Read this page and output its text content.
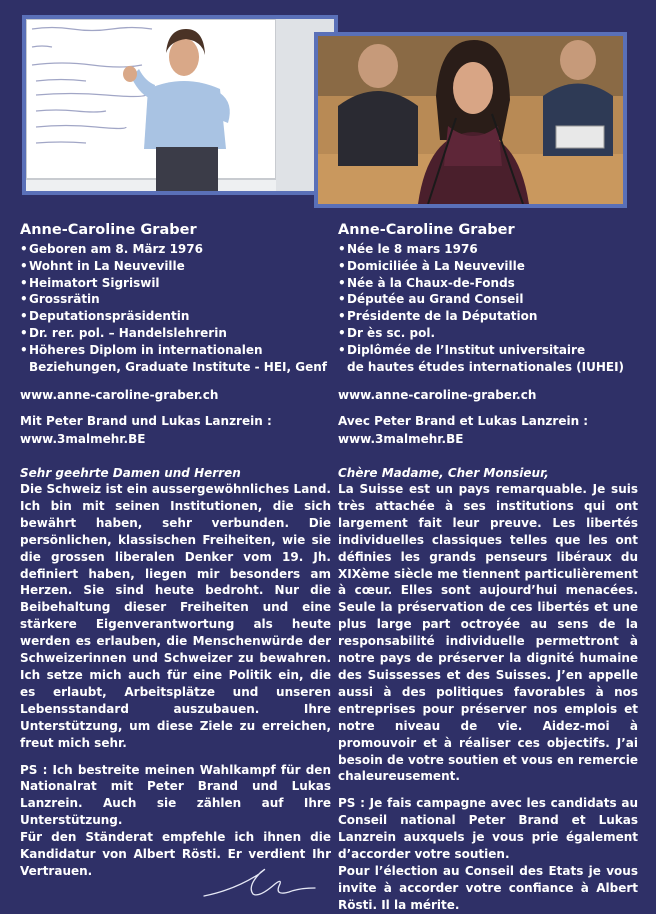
Anne-Caroline Graber
•Geboren am 8. März 1976
•Wohnt in La Neuveville
•Heimatort Sigriswil
•Grossrätin
•Deputationspräsidentin
•Dr. rer. pol. – Handelslehrerin
•Höheres Diplom in internationalen
Beziehungen, Graduate Institute - HEI, Genf
www.anne-caroline-graber.ch
Mit Peter Brand und Lukas Lanzrein :
www.3malmehr.BE
Anne-Caroline Graber
•Née le 8 mars 1976
•Domiciliée à La Neuveville
•Née à la Chaux-de-Fonds
•Députée au Grand Conseil
•Présidente de la Députation
•Dr ès sc. pol.
•Diplômée de l’Institut universitaire
de hautes études internationales (IUHEI)
www.anne-caroline-graber.ch
Avec Peter Brand et Lukas Lanzrein :
www.3malmehr.BE
Sehr geehrte Damen und Herren

Die Schweiz ist ein aussergewöhnliches Land. Ich bin mit seinen Institutionen, die sich bewährt haben, sehr verbunden. Die persönlichen, klassischen Freiheiten, wie sie die grossen liberalen Denker vom 19. Jh. definiert haben, liegen mir besonders am Herzen. Sie sind heute bedroht. Nur die Beibehaltung dieser Freiheiten und eine stärkere Eigenverantwortung als heute werden es erlauben, die Menschenwürde der Schweizerinnen und Schweizer zu bewahren. Ich setze mich auch für eine Politik ein, die es erlaubt, Arbeitsplätze und unseren Lebensstandard auszubauen. Ihre Unterstützung, um diese Ziele zu erreichen, freut mich sehr.

PS : Ich bestreite meinen Wahlkampf für den Nationalrat mit Peter Brand und Lukas Lanzrein. Auch sie zählen auf Ihre Unterstützung.

Für den Ständerat empfehle ich ihnen die Kandidatur von Albert Rösti. Er verdient Ihr Vertrauen.

Chère Madame, Cher Monsieur,

La Suisse est un pays remarquable. Je suis très attachée à ses institutions qui ont largement fait leur preuve. Les libertés individuelles classiques telles que les ont définies les grands penseurs libéraux du XIXème siècle me tiennent particulièrement à cœur. Elles sont aujourd’hui menacées. Seule la préservation de ces libertés et une plus large part octroyée au sens de la responsabilité individuelle permettront à notre pays de préserver la dignité humaine des Suissesses et des Suisses. J’en appelle aussi à des politiques favorables à nos entreprises pour préserver nos emplois et notre niveau de vie. Aidez-moi à promouvoir et à réaliser ces objectifs. J’ai besoin de votre soutien et vous en remercie chaleureusement.

PS : Je fais campagne avec les candidats au Conseil national Peter Brand et Lukas Lanzrein auxquels je vous prie également d’accorder votre soutien.

Pour l’élection au Conseil des Etats je vous invite à accorder votre confiance à Albert Rösti. Il la mérite.
